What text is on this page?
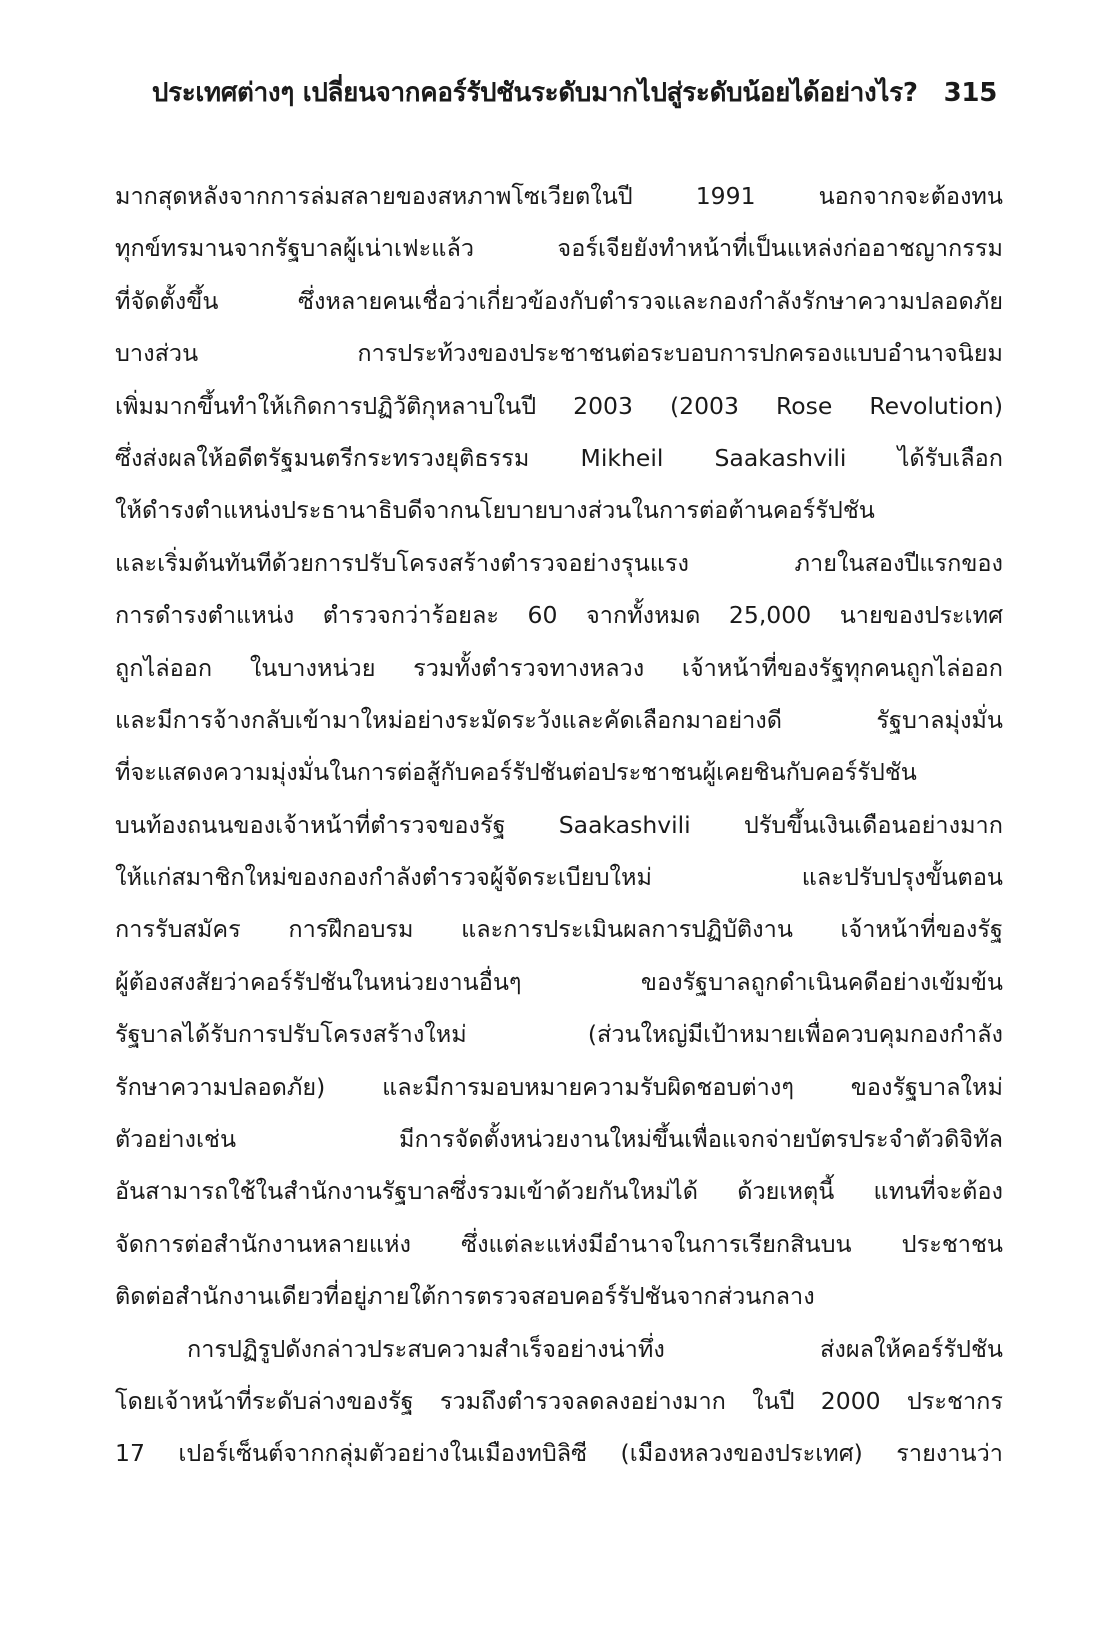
ประเทศต่างๆ เปลี่ยนจากคอร์รัปชันระดับมากไปสู่ระดับน้อยได้อย่างไร? 315
มากสุดหลังจากการล่มสลายของสหภาพโซเวียตในปี 1991 นอกจากจะต้องทน
ทุกข์ทรมานจากรัฐบาลผู้เน่าเฟะแล้ว จอร์เจียยังทำหน้าที่เป็นแหล่งก่ออาชญากรรม
ที่จัดตั้งขึ้น ซึ่งหลายคนเชื่อว่าเกี่ยวข้องกับตำรวจและกองกำลังรักษาความปลอดภัย
บางส่วน การประท้วงของประชาชนต่อระบอบการปกครองแบบอำนาจนิยม
เพิ่มมากขึ้นทำให้เกิดการปฏิวัติกุหลาบในปี 2003 (2003 Rose Revolution)
ซึ่งส่งผลให้อดีตรัฐมนตรีกระทรวงยุติธรรม Mikheil Saakashvili ได้รับเลือก
ให้ดำรงตำแหน่งประธานาธิบดีจากนโยบายบางส่วนในการต่อต้านคอร์รัปชัน
และเริ่มต้นทันทีด้วยการปรับโครงสร้างตำรวจอย่างรุนแรง ภายในสองปีแรกของ
การดำรงตำแหน่ง ตำรวจกว่าร้อยละ 60 จากทั้งหมด 25,000 นายของประเทศ
ถูกไล่ออก ในบางหน่วย รวมทั้งตำรวจทางหลวง เจ้าหน้าที่ของรัฐทุกคนถูกไล่ออก
และมีการจ้างกลับเข้ามาใหม่อย่างระมัดระวังและคัดเลือกมาอย่างดี รัฐบาลมุ่งมั่น
ที่จะแสดงความมุ่งมั่นในการต่อสู้กับคอร์รัปชันต่อประชาชนผู้เคยชินกับคอร์รัปชัน
บนท้องถนนของเจ้าหน้าที่ตำรวจของรัฐ Saakashvili ปรับขึ้นเงินเดือนอย่างมาก
ให้แก่สมาชิกใหม่ของกองกำลังตำรวจผู้จัดระเบียบใหม่ และปรับปรุงขั้นตอน
การรับสมัคร การฝึกอบรม และการประเมินผลการปฏิบัติงาน เจ้าหน้าที่ของรัฐ
ผู้ต้องสงสัยว่าคอร์รัปชันในหน่วยงานอื่นๆ ของรัฐบาลถูกดำเนินคดีอย่างเข้มข้น
รัฐบาลได้รับการปรับโครงสร้างใหม่ (ส่วนใหญ่มีเป้าหมายเพื่อควบคุมกองกำลัง
รักษาความปลอดภัย) และมีการมอบหมายความรับผิดชอบต่างๆ ของรัฐบาลใหม่
ตัวอย่างเช่น มีการจัดตั้งหน่วยงานใหม่ขึ้นเพื่อแจกจ่ายบัตรประจำตัวดิจิทัล
อันสามารถใช้ในสำนักงานรัฐบาลซึ่งรวมเข้าด้วยกันใหม่ได้ ด้วยเหตุนี้ แทนที่จะต้อง
จัดการต่อสำนักงานหลายแห่ง ซึ่งแต่ละแห่งมีอำนาจในการเรียกสินบน ประชาชน
ติดต่อสำนักงานเดียวที่อยู่ภายใต้การตรวจสอบคอร์รัปชันจากส่วนกลาง
การปฏิรูปดังกล่าวประสบความสำเร็จอย่างน่าทึ่ง ส่งผลให้คอร์รัปชัน
โดยเจ้าหน้าที่ระดับล่างของรัฐ รวมถึงตำรวจลดลงอย่างมาก ในปี 2000 ประชากร
17 เปอร์เซ็นต์จากกลุ่มตัวอย่างในเมืองทบิลิซี (เมืองหลวงของประเทศ) รายงานว่า
